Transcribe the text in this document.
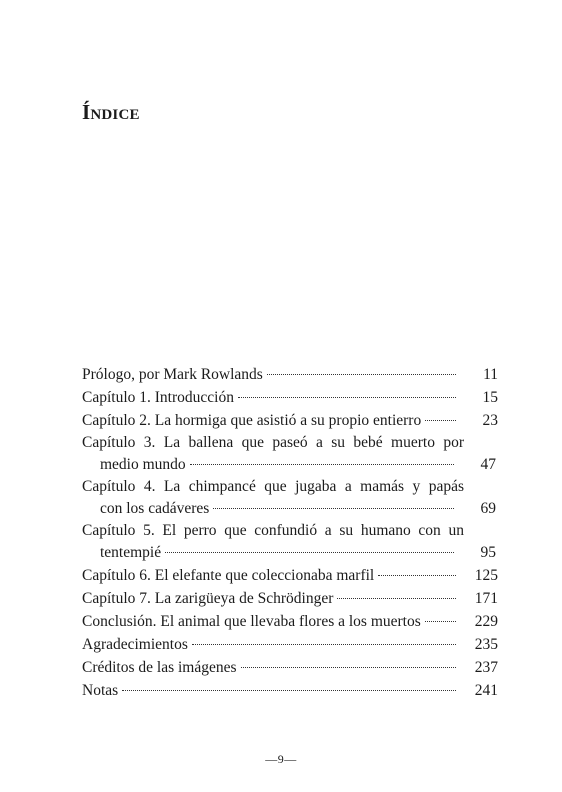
Índice
Prólogo, por Mark Rowlands	11
Capítulo 1. Introducción	15
Capítulo 2. La hormiga que asistió a su propio entierro	23
Capítulo 3. La ballena que paseó a su bebé muerto por
medio mundo	47
Capítulo 4. La chimpancé que jugaba a mamás y papás
con los cadáveres	69
Capítulo 5. El perro que confundió a su humano con un
tentempié	95
Capítulo 6. El elefante que coleccionaba marfil	125
Capítulo 7. La zarigüeya de Schrödinger	171
Conclusión. El animal que llevaba flores a los muertos	229
Agradecimientos	235
Créditos de las imágenes	237
Notas	241
—9—
